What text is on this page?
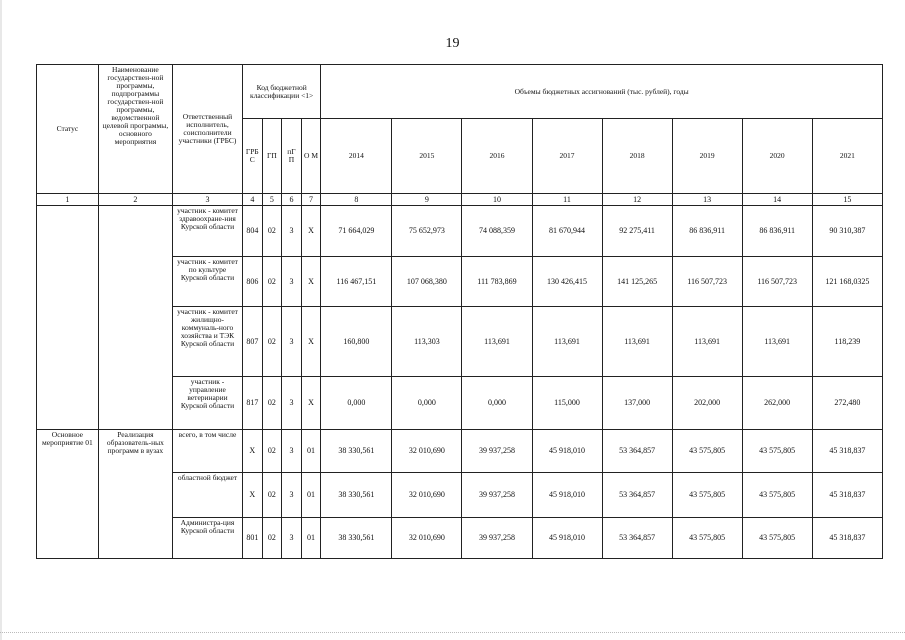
19
Статус	Наименование государствен-ной программы, подпрограммы государствен-ной программы, ведомственной целевой программы, основного мероприятия	Ответственный исполнитель, соисполнители участники (ГРБС)	Код бюджетной классификации <1>				Объемы бюджетных ассигнований (тыс. рублей), годы							
			ГРБ С	ГП	пГ П	О М	2014	2015	2016	2017	2018	2019	2020	2021
1	2	3	4	5	6	7	8	9	10	11	12	13	14	15
		участник - комитет здравоохране-ния Курской области	804	02	3	Х	71 664,029	75 652,973	74 088,359	81 670,944	92 275,411	86 836,911	86 836,911	90 310,387
		участник - комитет по культуре Курской области	806	02	3	Х	116 467,151	107 068,380	111 783,869	130 426,415	141 125,265	116 507,723	116 507,723	121 168,0325
		участник - комитет жилищно-коммуналь-ного хозяйства и ТЭК Курской области	807	02	3	Х	160,800	113,303	113,691	113,691	113,691	113,691	113,691	118,239
		участник - управление ветеринарии Курской области	817	02	3	Х	0,000	0,000	0,000	115,000	137,000	202,000	262,000	272,480
Основное мероприятие 01	Реализация образователь-ных программ в вузах	всего, в том числе	Х	02	3	01	38 330,561	32 010,690	39 937,258	45 918,010	53 364,857	43 575,805	43 575,805	45 318,837
		областной бюджет	Х	02	3	01	38 330,561	32 010,690	39 937,258	45 918,010	53 364,857	43 575,805	43 575,805	45 318,837
		Администра-ция Курской области	801	02	3	01	38 330,561	32 010,690	39 937,258	45 918,010	53 364,857	43 575,805	43 575,805	45 318,837
